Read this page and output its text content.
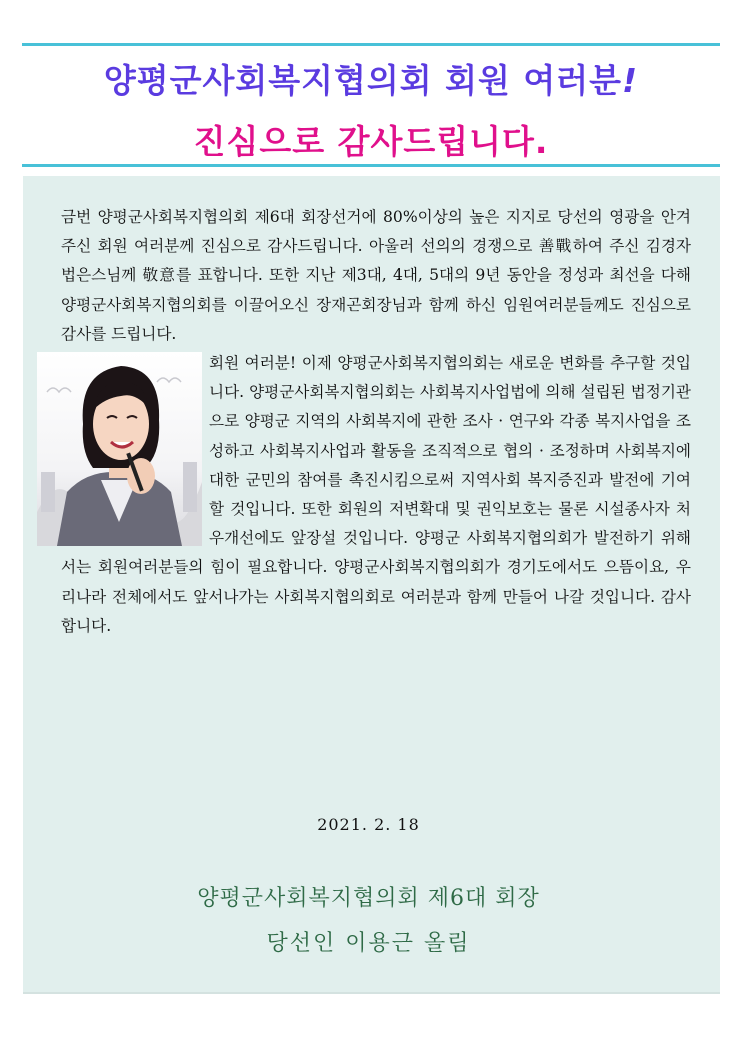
양평군사회복지협의회 회원 여러분!
진심으로 감사드립니다.

금번 양평군사회복지협의회 제6대 회장선거에 80%이상의 높은 지지로 당선의 영광을 안겨주신 회원 여러분께 진심으로 감사드립니다. 아울러 선의의 경쟁으로 善戰하여 주신 김경자 법은스님께 敬意를 표합니다. 또한 지난 제3대, 4대, 5대의 9년 동안을 정성과 최선을 다해 양평군사회복지협의회를 이끌어오신 장재곤회장님과 함께 하신 임원여러분들께도 진심으로 감사를 드립니다.

회원 여러분! 이제 양평군사회복지협의회는 새로운 변화를 추구할 것입니다. 양평군사회복지협의회는 사회복지사업법에 의해 설립된 법정기관으로 양평군 지역의 사회복지에 관한 조사 · 연구와 각종 복지사업을 조성하고 사회복지사업과 활동을 조직적으로 협의 · 조정하며 사회복지에 대한 군민의 참여를 촉진시킴으로써 지역사회 복지증진과 발전에 기여할 것입니다. 또한 회원의 저변확대 및 권익보호는 물론 시설종사자 처우개선에도 앞장설 것입니다. 양평군 사회복지협의회가 발전하기 위해서는 회원여러분들의 힘이 필요합니다. 양평군사회복지협의회가 경기도에서도 으뜸이요, 우리나라 전체에서도 앞서나가는 사회복지협의회로 여러분과 함께 만들어 나갈 것입니다. 감사합니다.

2021. 2. 18
양평군사회복지협의회 제6대 회장
당선인 이용근 올림
